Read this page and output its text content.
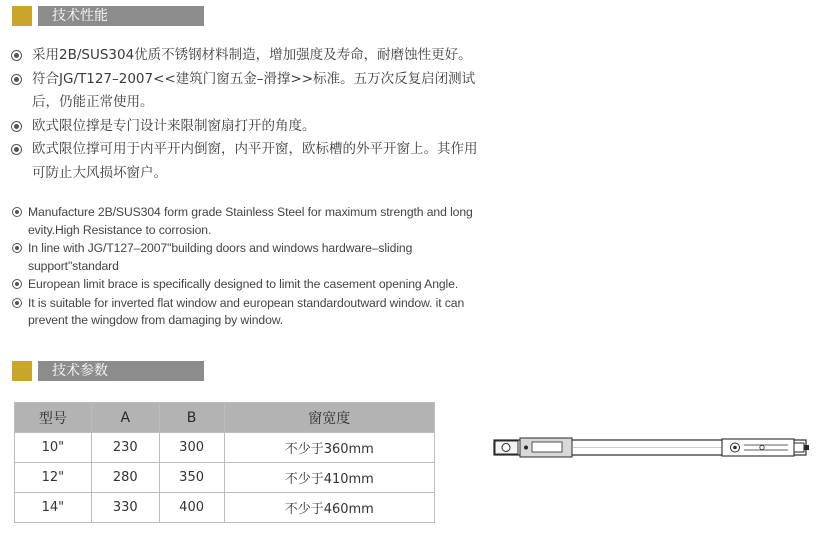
技术性能
采用2B/SUS304优质不锈钢材料制造，增加强度及寿命，耐磨蚀性更好。
符合JG/T127–2007<<建筑门窗五金–滑撑>>标准。五万次反复启闭测试后，仍能正常使用。
欧式限位撑是专门设计来限制窗扇打开的角度。
欧式限位撑可用于内平开内倒窗，内平开窗，欧标槽的外平开窗上。其作用可防止大风损坏窗户。
Manufacture 2B/SUS304 form grade Stainless Steel for maximum strength and long evity.High Resistance to corrosion.
In line with JG/T127–2007"building doors and windows hardware–sliding support"standard
European limit brace is specifically designed to limit the casement opening Angle.
It is suitable for inverted flat window and european standardoutward window. it can prevent the wingdow from damaging by window.
技术参数
型号	A	B	窗宽度
10"	230	300	不少于360mm
12"	280	350	不少于410mm
14"	330	400	不少于460mm
